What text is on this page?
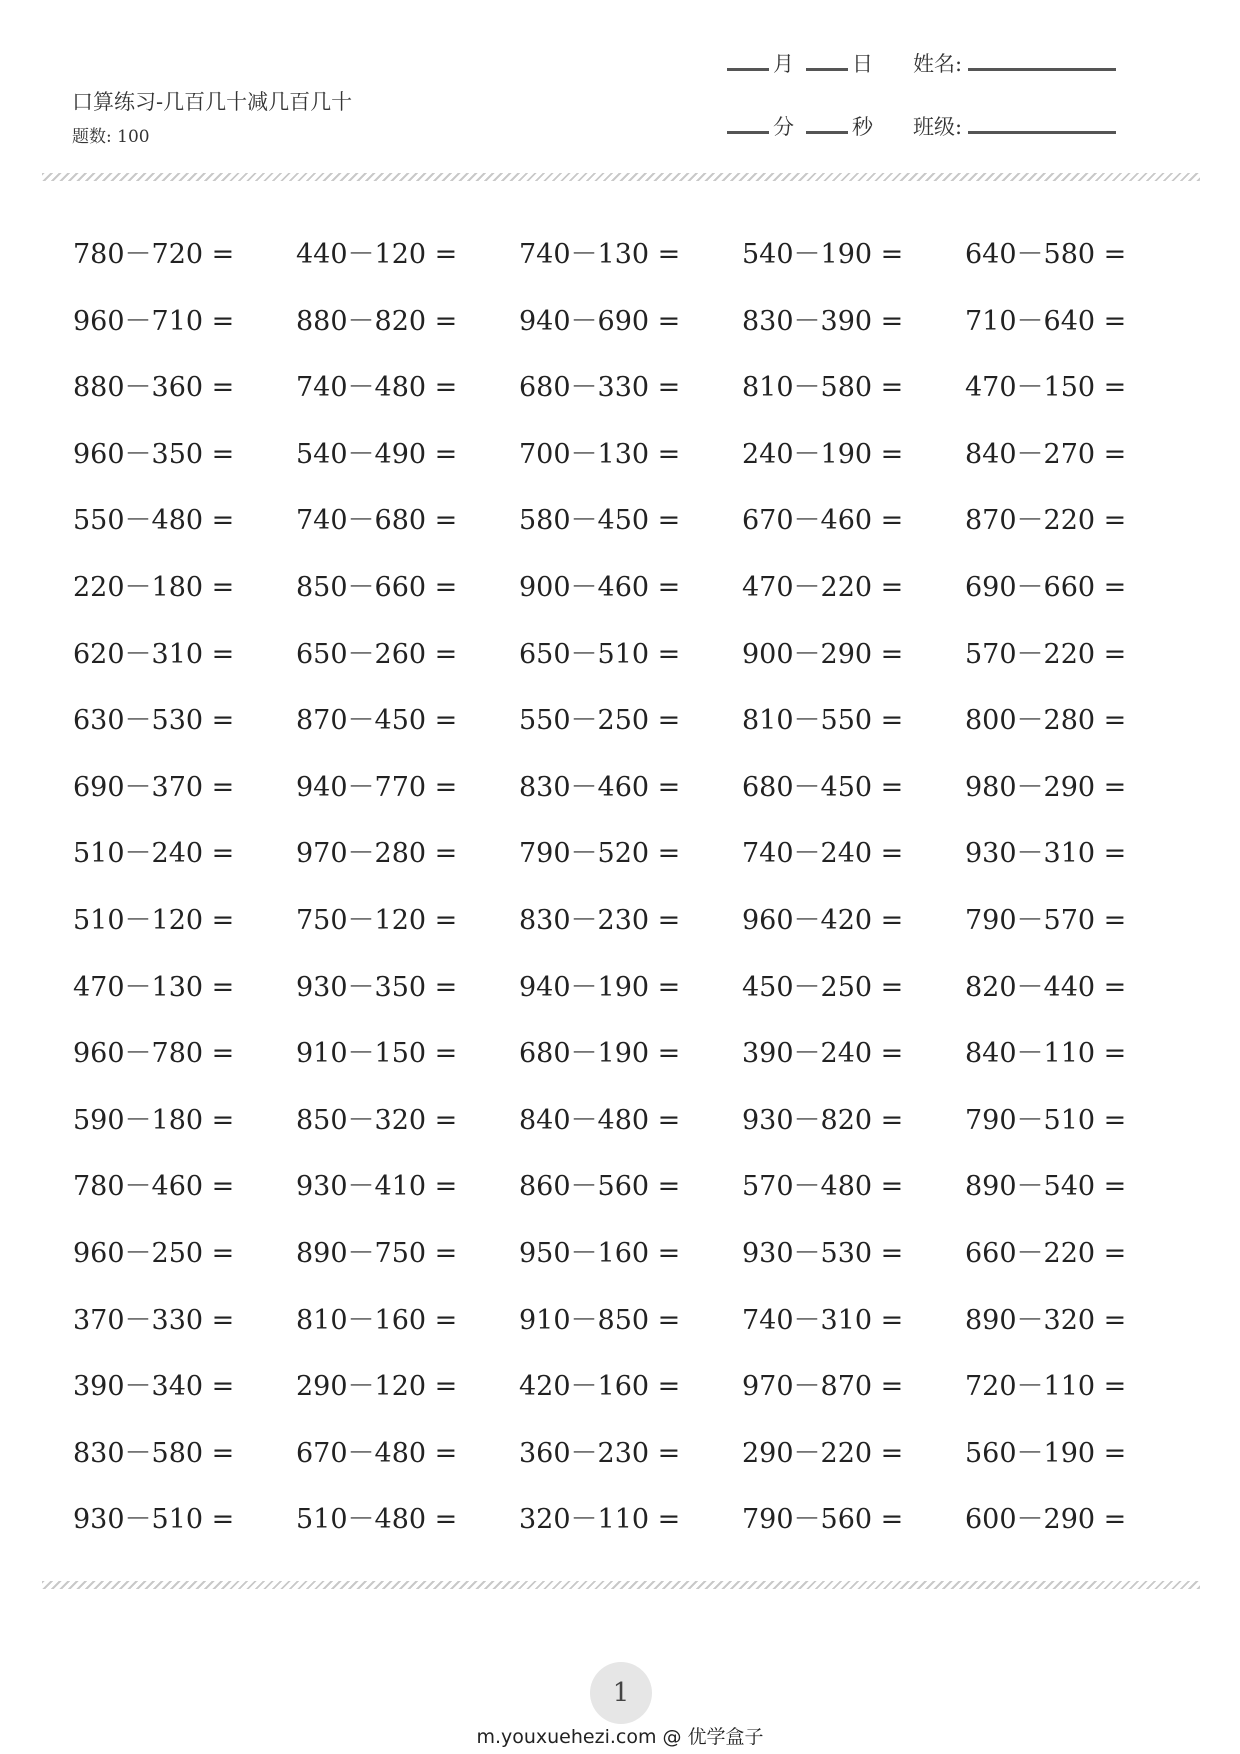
口算练习-几百几十减几百几十
题数: 100
月	日 姓名:
分	秒 班级:
780－720 =	440－120 =	740－130 =	540－190 =	640－580 =
960－710 =	880－820 =	940－690 =	830－390 =	710－640 =
880－360 =	740－480 =	680－330 =	810－580 =	470－150 =
960－350 =	540－490 =	700－130 =	240－190 =	840－270 =
550－480 =	740－680 =	580－450 =	670－460 =	870－220 =
220－180 =	850－660 =	900－460 =	470－220 =	690－660 =
620－310 =	650－260 =	650－510 =	900－290 =	570－220 =
630－530 =	870－450 =	550－250 =	810－550 =	800－280 =
690－370 =	940－770 =	830－460 =	680－450 =	980－290 =
510－240 =	970－280 =	790－520 =	740－240 =	930－310 =
510－120 =	750－120 =	830－230 =	960－420 =	790－570 =
470－130 =	930－350 =	940－190 =	450－250 =	820－440 =
960－780 =	910－150 =	680－190 =	390－240 =	840－110 =
590－180 =	850－320 =	840－480 =	930－820 =	790－510 =
780－460 =	930－410 =	860－560 =	570－480 =	890－540 =
960－250 =	890－750 =	950－160 =	930－530 =	660－220 =
370－330 =	810－160 =	910－850 =	740－310 =	890－320 =
390－340 =	290－120 =	420－160 =	970－870 =	720－110 =
830－580 =	670－480 =	360－230 =	290－220 =	560－190 =
930－510 =	510－480 =	320－110 =	790－560 =	600－290 =
1
m.youxuehezi.com @ 优学盒子
